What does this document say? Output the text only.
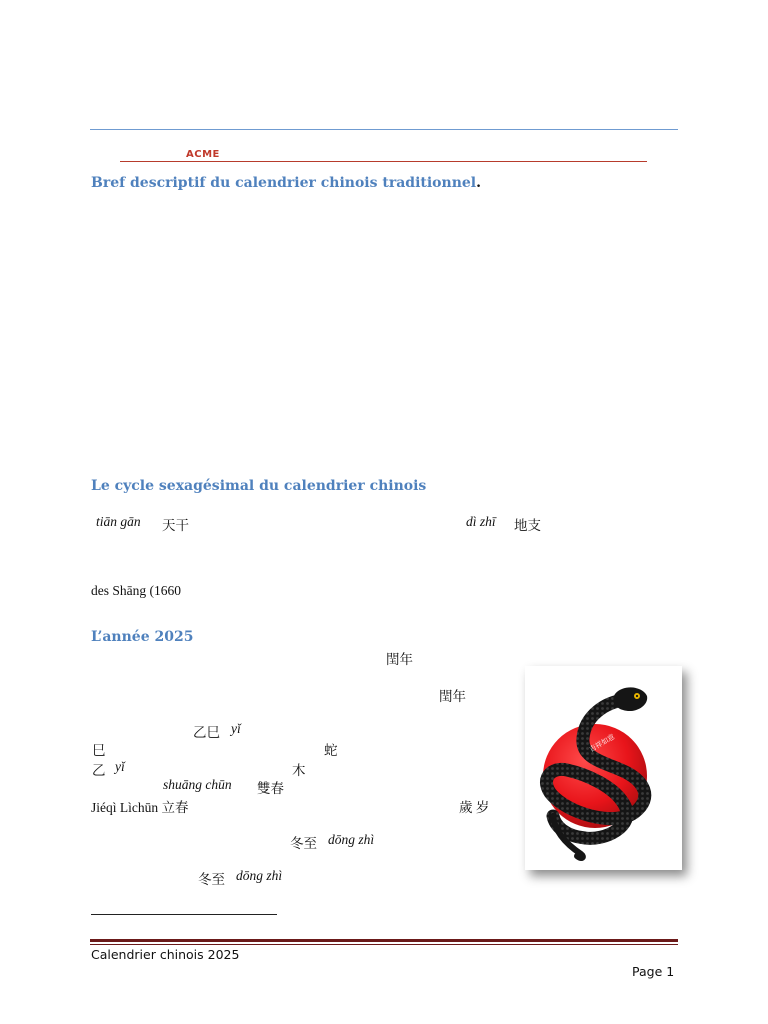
ACME
Bref descriptif du calendrier chinois traditionnel.
Le cycle sexagésimal du calendrier chinois
tiān gān 天干	dì zhī 地支
des Shāng (1660
L’année 2025
閏年
閏年
乙巳 yǐ
巳	蛇
乙 yǐ	木
shuāng chūn 雙春
Jiéqì Lìchūn 立春	歲 岁
冬至 dōng zhì
冬至 dōng zhì
吉祥如意
Calendrier chinois 2025
Page 1
